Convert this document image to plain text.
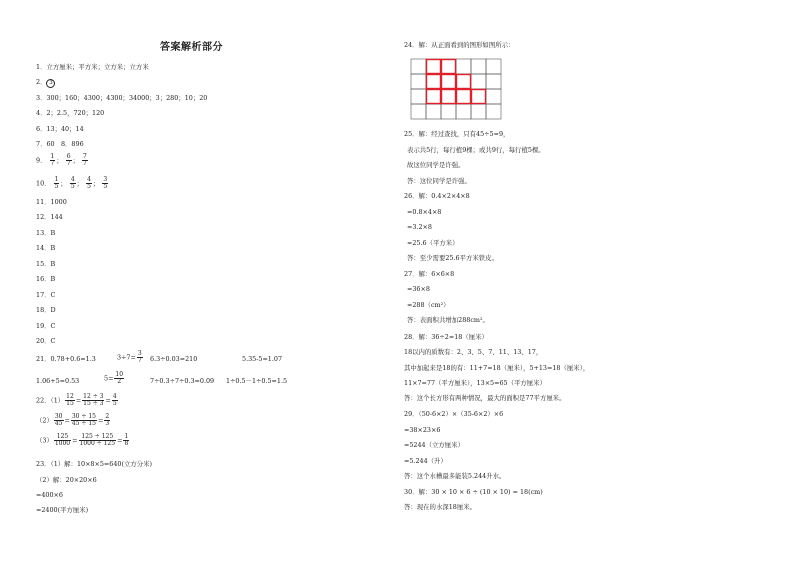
答案解析部分
1．立方厘米；平方米；立方米；立方米
2． 3
3．300；160；4300；4300；34000；3；280；10；20
4．2；2.5，720；120
6．13；40；14
7．60　8．896
9． $\frac{1}{7}$ ； $\frac{6}{7}$ ； $\frac{7}{7}$
10． $\frac{1}{5}$ ； $\frac{4}{5}$ ； $\frac{4}{5}$ ； $\frac{3}{5}$
11．1000
12．144
13．B
14．B
15．B
16．B
17．C
18．D
19．C
20．C
21．0.78+0.6=1.3	$3\div 7= \frac{3}{7} 6.3\div 0.03=210$	5.35-5=1.07
1.06+5=0.53	$5= \frac{10}{2}$	7÷0.3÷7÷0.3=0.09 1÷0.5－1÷0.5=1.5
22．$(1) \frac{12}{15} = \frac{12 \div 3}{15 \div 3} = \frac{4}{5}$
$(2) \frac{30}{45} = \frac{30 \div 15}{45 \div 15} = \frac{2}{3}$
$(3) \frac{125}{1000} = \frac{125 \div 125}{1000 \div 125} = \frac{1}{8}$
23．（1）解：10×8×5=640(立方分米)
（2）解：20×20×6
=400×6
=2400(平方厘米)
24．解：从正面看到的图形如图所示：
25．解：经过查找，只有45÷5=9，
表示共5行，每行植9棵；或共9行，每行植5棵。
故这位同学是许强。
答：这位同学是许强。
26．解：0.4×2×4×8
=0.8×4×8
=3.2×8
=25.6（平方米）
答：至少需要25.6平方米铁皮。
27．解：6×6×8
=36×8
=288（cm²）
答：表面积共增加288cm²。
28．解：36÷2=18（厘米）
18以内的质数有：2、3、5、7、11、13、17，
其中加起来是18的有：11+7=18（厘米），5+13=18（厘米），
11×7=77（平方厘米），13×5=65（平方厘米）
答：这个长方形有两种情况，最大的面积是77平方厘米。
29．（50-6×2）×（35-6×2）×6
=38×23×6
=5244（立方厘米）
=5.244（升）
答：这个水槽最多能装5.244升水。
30．解：30 × 10 × 6 ÷ (10 × 10) = 18(cm)
答：现在的水深18厘米。
